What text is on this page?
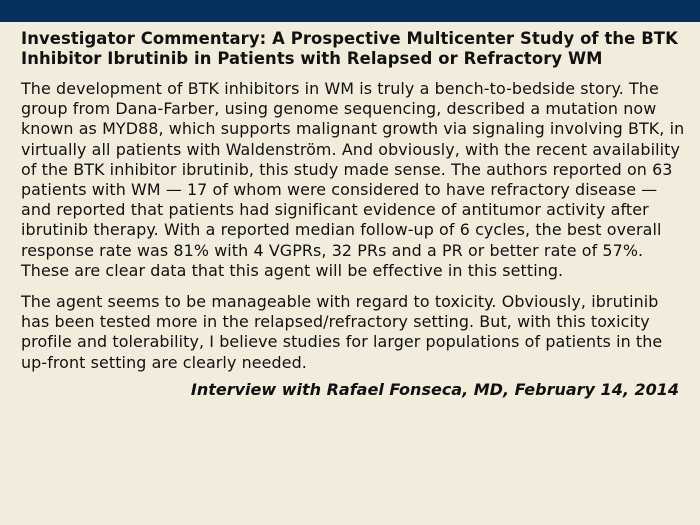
Investigator Commentary: A Prospective Multicenter Study of the BTK Inhibitor Ibrutinib in Patients with Relapsed or Refractory WM

The development of BTK inhibitors in WM is truly a bench-to-bedside story. The group from Dana-Farber, using genome sequencing, described a mutation now known as MYD88, which supports malignant growth via signaling involving BTK, in virtually all patients with Waldenström. And obviously, with the recent availability of the BTK inhibitor ibrutinib, this study made sense. The authors reported on 63 patients with WM — 17 of whom were considered to have refractory disease — and reported that patients had significant evidence of antitumor activity after ibrutinib therapy. With a reported median follow-up of 6 cycles, the best overall response rate was 81% with 4 VGPRs, 32 PRs and a PR or better rate of 57%. These are clear data that this agent will be effective in this setting.

The agent seems to be manageable with regard to toxicity. Obviously, ibrutinib has been tested more in the relapsed/refractory setting. But, with this toxicity profile and tolerability, I believe studies for larger populations of patients in the up-front setting are clearly needed.

Interview with Rafael Fonseca, MD, February 14, 2014
